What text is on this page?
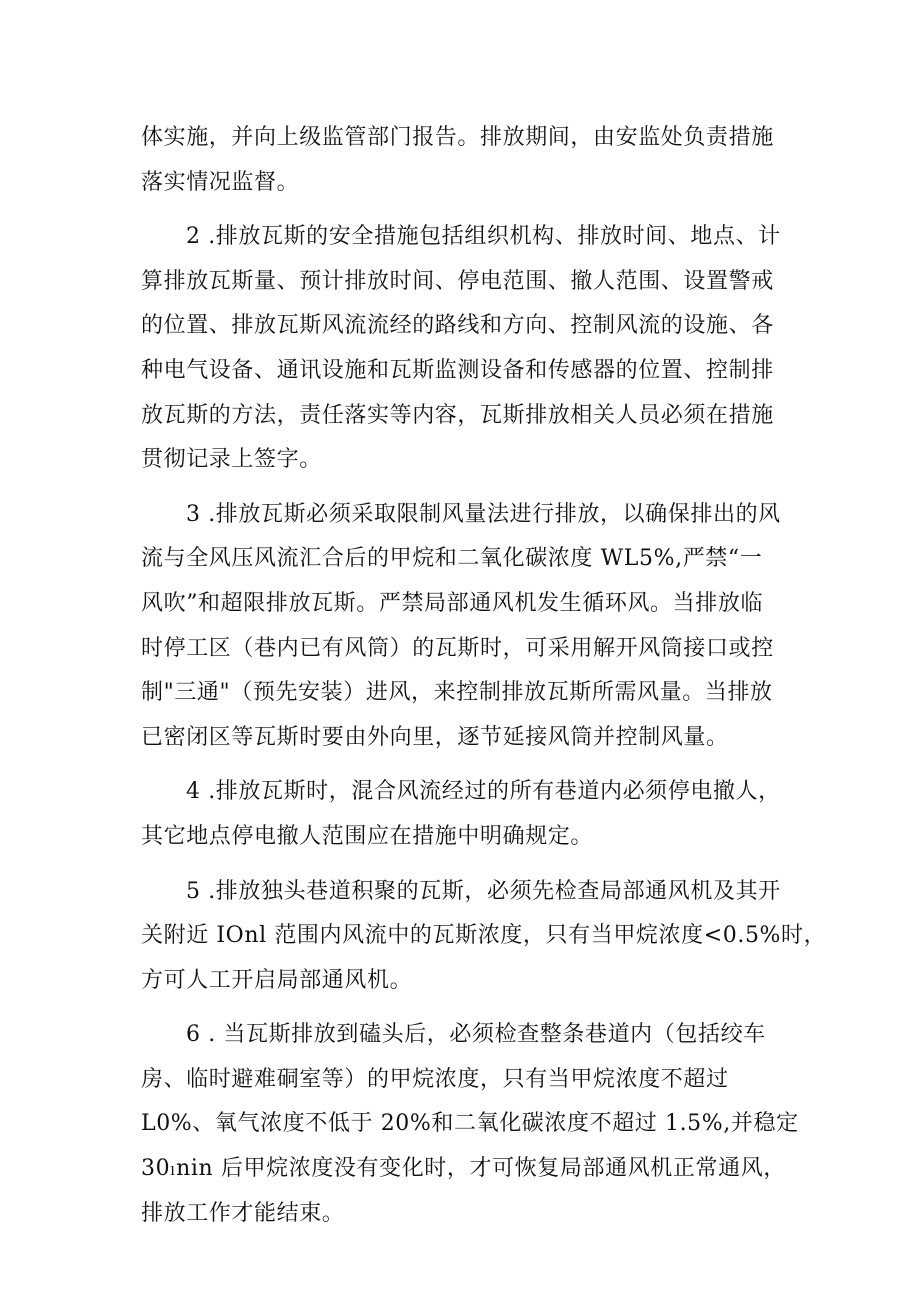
体实施，并向上级监管部门报告。排放期间，由安监处负责措施
落实情况监督。

2 .排放瓦斯的安全措施包括组织机构、排放时间、地点、计
算排放瓦斯量、预计排放时间、停电范围、撤人范围、设置警戒
的位置、排放瓦斯风流流经的路线和方向、控制风流的设施、各
种电气设备、通讯设施和瓦斯监测设备和传感器的位置、控制排
放瓦斯的方法，责任落实等内容，瓦斯排放相关人员必须在措施
贯彻记录上签字。

3 .排放瓦斯必须采取限制风量法进行排放，以确保排出的风
流与全风压风流汇合后的甲烷和二氧化碳浓度 WL5%,严禁“一
风吹”和超限排放瓦斯。严禁局部通风机发生循环风。当排放临
时停工区（巷内已有风筒）的瓦斯时，可采用解开风筒接口或控
制"三通"（预先安装）进风，来控制排放瓦斯所需风量。当排放
已密闭区等瓦斯时要由外向里，逐节延接风筒并控制风量。

4 .排放瓦斯时，混合风流经过的所有巷道内必须停电撤人，
其它地点停电撤人范围应在措施中明确规定。

5 .排放独头巷道积聚的瓦斯，必须先检查局部通风机及其开
关附近 IOnl 范围内风流中的瓦斯浓度，只有当甲烷浓度<0.5%时，
方可人工开启局部通风机。

6 . 当瓦斯排放到磕头后，必须检查整条巷道内（包括绞车
房、临时避难硐室等）的甲烷浓度，只有当甲烷浓度不超过
L0%、氧气浓度不低于 20%和二氧化碳浓度不超过 1.5%,并稳定
30ₗnin 后甲烷浓度没有变化时，才可恢复局部通风机正常通风，
排放工作才能结束。
